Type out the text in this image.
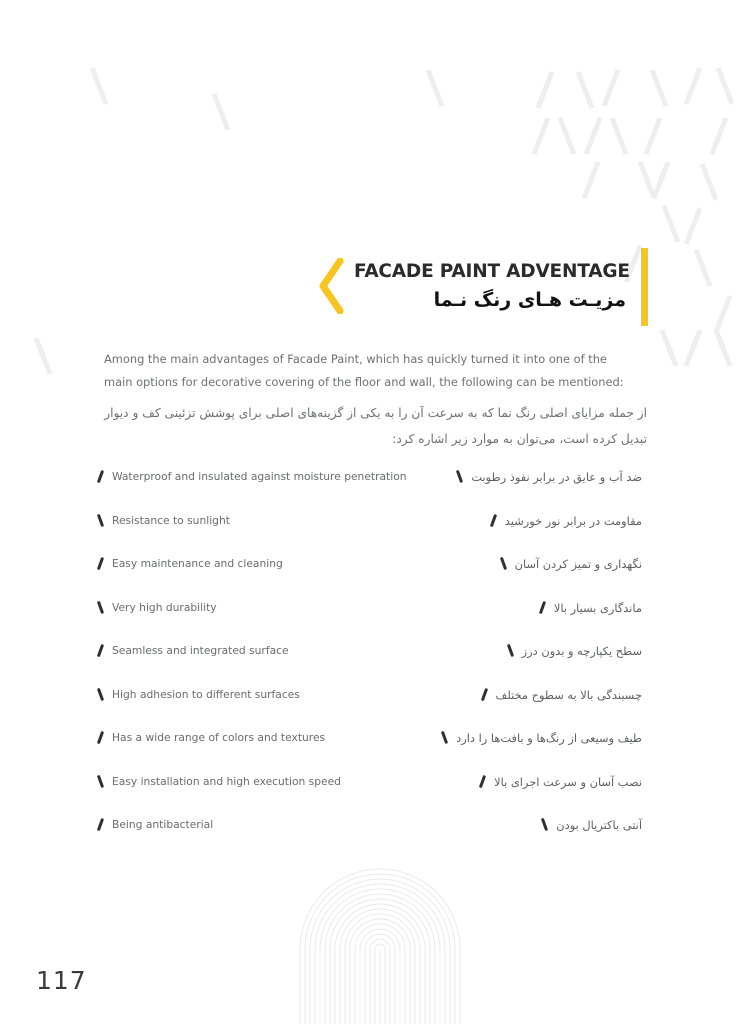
FACADE PAINT ADVENTAGE
مزیـت هـای رنگ نـما
Among the main advantages of Facade Paint, which has quickly turned it into one of the main options for decorative covering of the floor and wall, the following can be mentioned:
از جمله مزایای اصلی رنگ نما که به سرعت آن را به یکی از گزینه‌های اصلی برای پوشش تزئینی کف و دیوار تبدیل کرده است، می‌توان به موارد زیر اشاره کرد:
Waterproof and insulated against moisture penetration	ضد آب و عایق در برابر نفوذ رطوبت
Resistance to sunlight	مقاومت در برابر نور خورشید
Easy maintenance and cleaning	نگهداری و تمیز کردن آسان
Very high durability	ماندگاری بسیار بالا
Seamless and integrated surface	سطح یکپارچه و بدون درز
High adhesion to different surfaces	چسبندگی بالا به سطوح مختلف
Has a wide range of colors and textures	طیف وسیعی از رنگ‌ها و بافت‌ها را دارد
Easy installation and high execution speed	نصب آسان و سرعت اجرای بالا
Being antibacterial	آنتی باکتریال بودن
117
